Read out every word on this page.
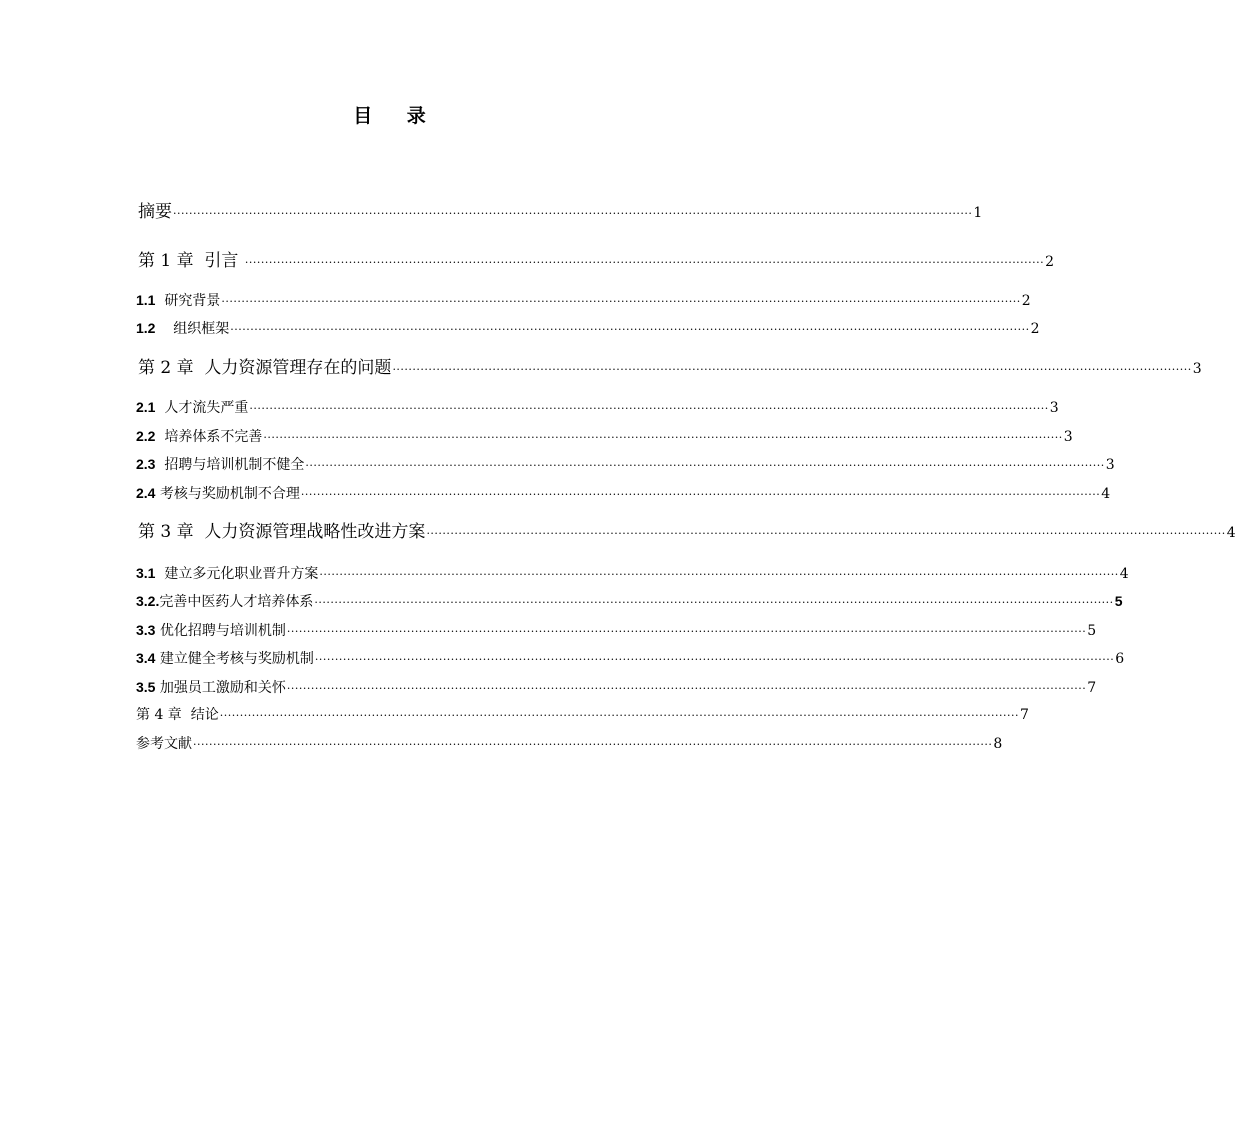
目 录
摘要 ········································································································································································································ 1
第 1 章  引言 ········································································································································································································ 2
1.1 研究背景 ········································································································································································································ 2
1.2 组织框架 ········································································································································································································ 2
第 2 章  人力资源管理存在的问题 ········································································································································································································ 3
2.1 人才流失严重 ········································································································································································································ 3
2.2 培养体系不完善 ········································································································································································································ 3
2.3 招聘与培训机制不健全 ········································································································································································································ 3
2.4 考核与奖励机制不合理 ········································································································································································································ 4
第 3 章  人力资源管理战略性改进方案 ········································································································································································································ 4
3.1 建立多元化职业晋升方案 ········································································································································································································ 4
3.2. 完善中医药人才培养体系 ········································································································································································································ 5
3.3 优化招聘与培训机制 ········································································································································································································ 5
3.4 建立健全考核与奖励机制 ········································································································································································································ 6
3.5 加强员工激励和关怀 ········································································································································································································ 7
第 4 章  结论 ········································································································································································································ 7
参考文献 ········································································································································································································ 8
